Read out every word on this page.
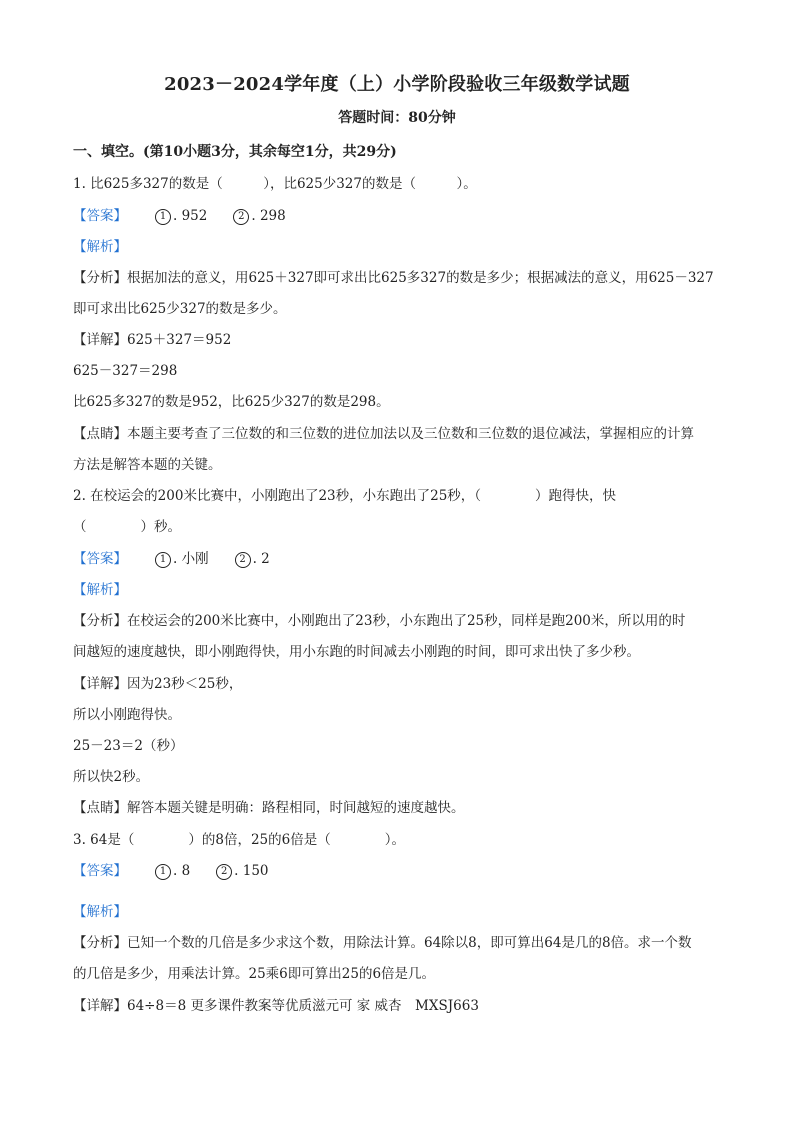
2023－2024学年度（上）小学阶段验收三年级数学试题
答题时间：80分钟
一、填空。(第10小题3分，其余每空1分，共29分)
1. 比625多327的数是（　　　），比625少327的数是（　　　）。
【答案】	1 . 952	2 . 298
【解析】
【分析】根据加法的意义，用625＋327即可求出比625多327的数是多少；根据减法的意义，用625－327
即可求出比625少327的数是多少。
【详解】625＋327＝952
625－327＝298
比625多327的数是952，比625少327的数是298。
【点睛】本题主要考查了三位数的和三位数的进位加法以及三位数和三位数的退位减法，掌握相应的计算
方法是解答本题的关键。
2. 在校运会的200米比赛中，小刚跑出了23秒，小东跑出了25秒，（　　　　）跑得快，快
（　　　　）秒。
【答案】	1 . 小刚	2 . 2
【解析】
【分析】在校运会的200米比赛中，小刚跑出了23秒，小东跑出了25秒，同样是跑200米，所以用的时
间越短的速度越快，即小刚跑得快，用小东跑的时间减去小刚跑的时间，即可求出快了多少秒。
【详解】因为23秒＜25秒，
所以小刚跑得快。
25－23＝2（秒）
所以快2秒。
【点睛】解答本题关键是明确：路程相同，时间越短的速度越快。
3. 64是（　　　　）的8倍，25的6倍是（　　　　）。
【答案】	1 . 8	2 . 150
【解析】
【分析】已知一个数的几倍是多少求这个数，用除法计算。64除以8，即可算出64是几的8倍。求一个数
的几倍是多少，用乘法计算。25乘6即可算出25的6倍是几。
【详解】64÷8＝8 更多课件教案等优质滋元可 家 威杏　MXSJ663
